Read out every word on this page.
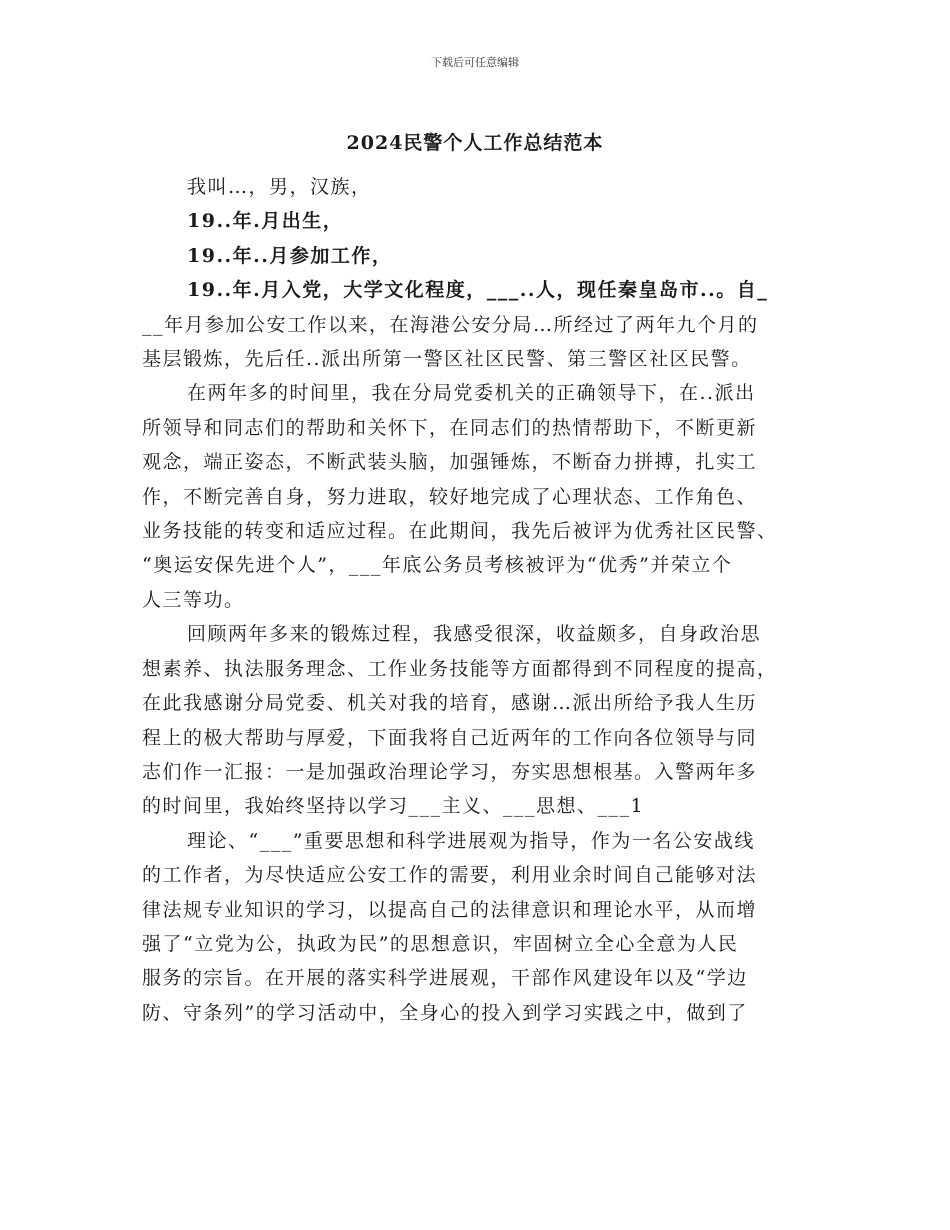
下载后可任意编辑
2024民警个人工作总结范本

我叫…，男，汉族，

19..年.月出生，

19..年..月参加工作，

19..年.月入党，大学文化程度，___..人，现任秦皇岛市..。自_

__年月参加公安工作以来，在海港公安分局…所经过了两年九个月的

基层锻炼，先后任..派出所第一警区社区民警、第三警区社区民警。

在两年多的时间里，我在分局党委机关的正确领导下，在..派出

所领导和同志们的帮助和关怀下，在同志们的热情帮助下，不断更新

观念，端正姿态，不断武装头脑，加强锤炼，不断奋力拼搏，扎实工

作，不断完善自身，努力进取，较好地完成了心理状态、工作角色、

业务技能的转变和适应过程。在此期间，我先后被评为优秀社区民警、

“奥运安保先进个人”，___年底公务员考核被评为“优秀”并荣立个

人三等功。

回顾两年多来的锻炼过程，我感受很深，收益颇多，自身政治思

想素养、执法服务理念、工作业务技能等方面都得到不同程度的提高，

在此我感谢分局党委、机关对我的培育，感谢…派出所给予我人生历

程上的极大帮助与厚爱，下面我将自己近两年的工作向各位领导与同

志们作一汇报：一是加强政治理论学习，夯实思想根基。入警两年多

的时间里，我始终坚持以学习___主义、___思想、___1

理论、“___”重要思想和科学进展观为指导，作为一名公安战线

的工作者，为尽快适应公安工作的需要，利用业余时间自己能够对法

律法规专业知识的学习，以提高自己的法律意识和理论水平，从而增

强了“立党为公，执政为民”的思想意识，牢固树立全心全意为人民

服务的宗旨。在开展的落实科学进展观，干部作风建设年以及“学边

防、守条列”的学习活动中，全身心的投入到学习实践之中，做到了
